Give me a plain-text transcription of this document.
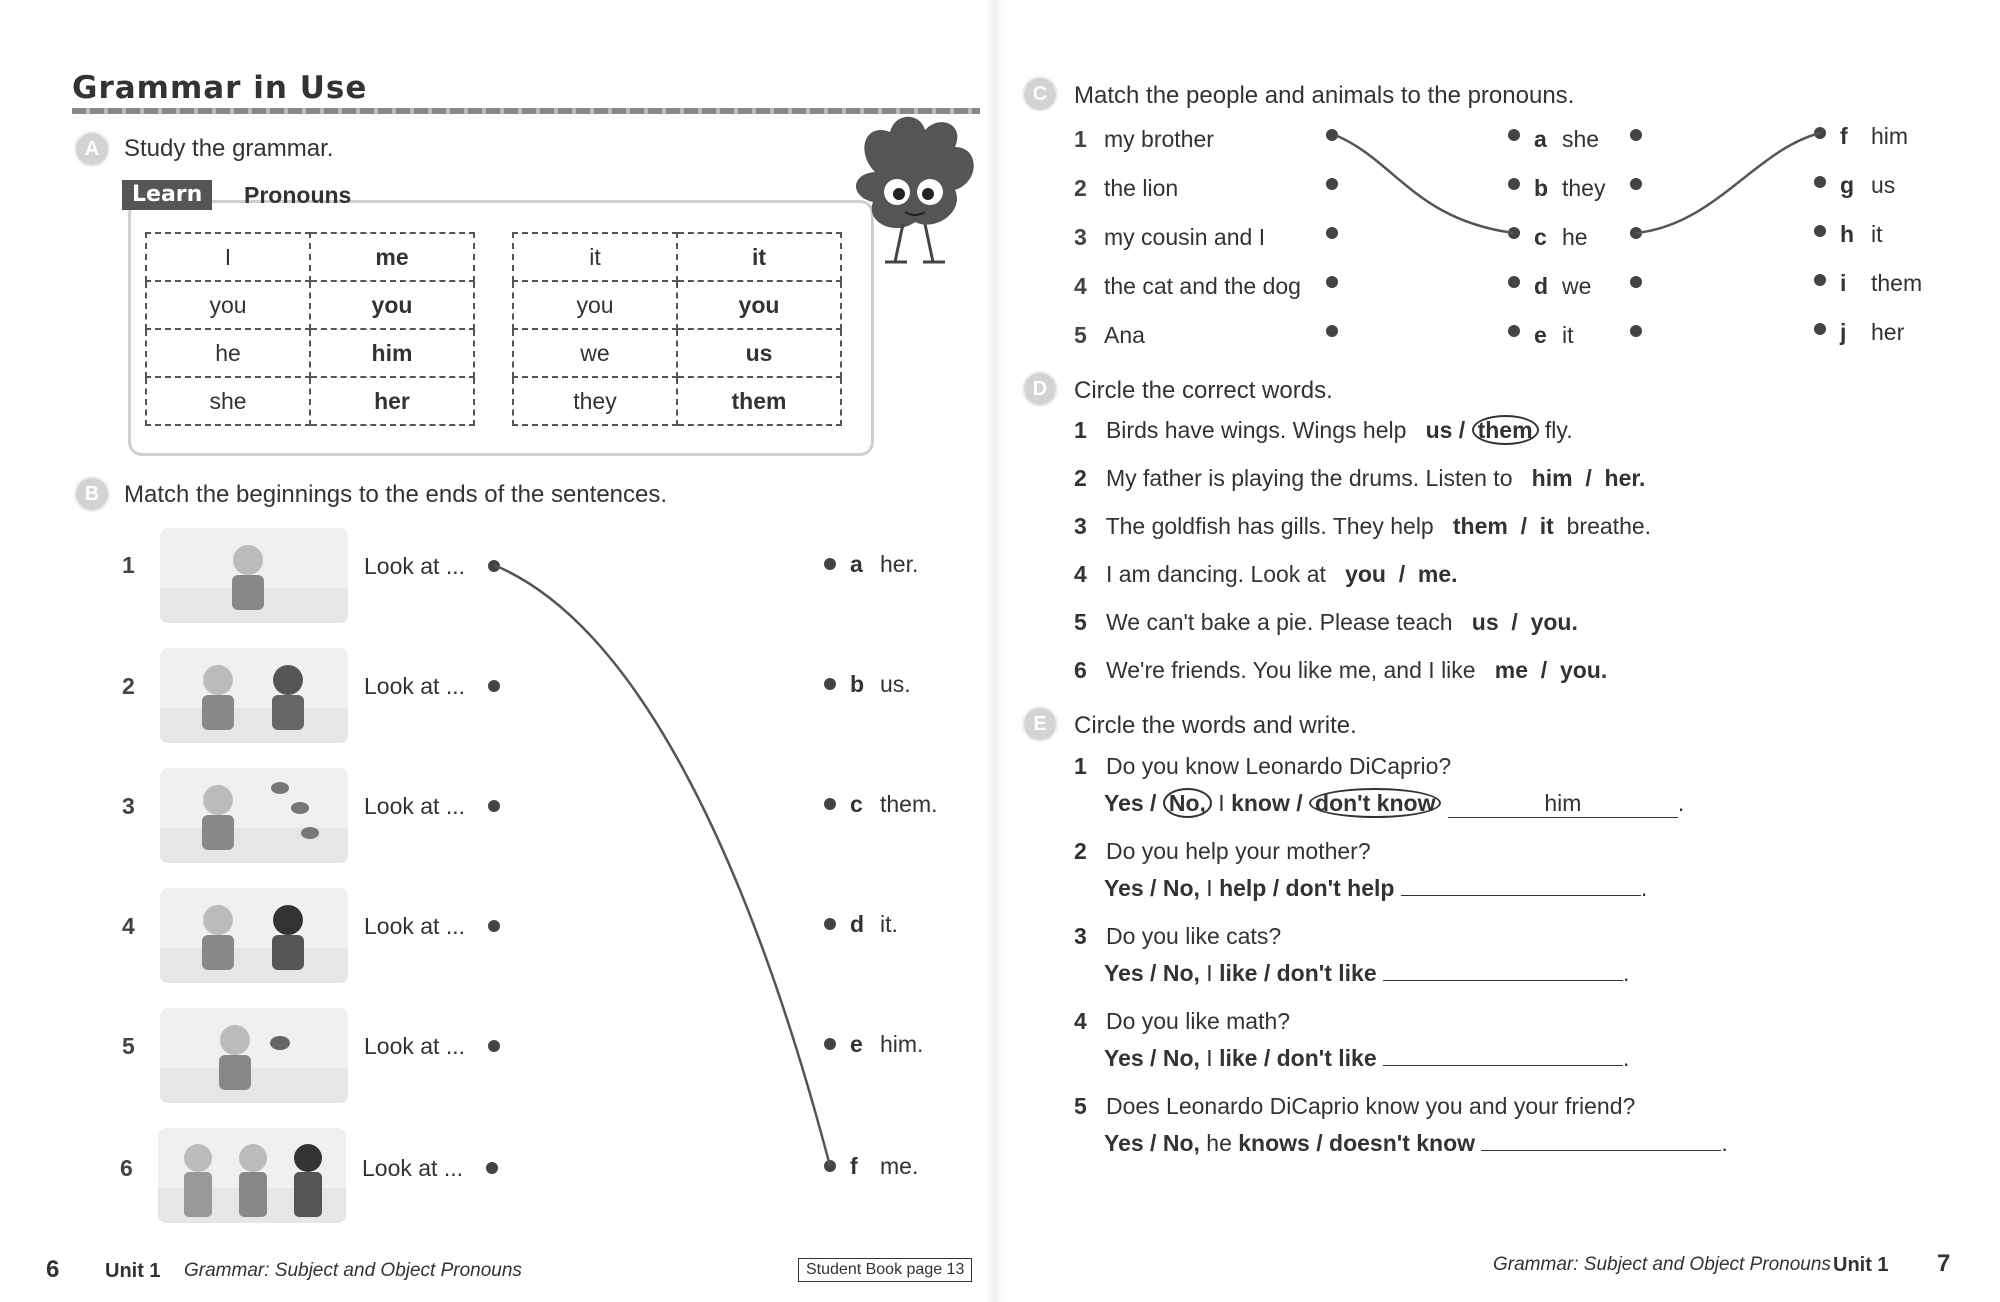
Grammar in Use
A	Study the grammar.
Learn	Pronouns
I	me
you	you
he	him
she	her
it	it
you	you
we	us
they	them
B	Match the beginnings to the ends of the sentences.
1	Look at ...
2	Look at ...
3	Look at ...
4	Look at ...
5	Look at ...
6	Look at ...
a her.
b us.
c them.
d it.
e him.
f me.
6 Unit 1 Grammar: Subject and Object Pronouns	Student Book page 13
C	Match the people and animals to the pronouns.
1 my brother
2 the lion
3 my cousin and I
4 the cat and the dog
5 Ana
a she
b they
c he
d we
e it
f him
g us
h it
i them
j her
D	Circle the correct words.
1 Birds have wings. Wings help us / them fly.
2 My father is playing the drums. Listen to him / her.
3 The goldfish has gills. They help them / it breathe.
4 I am dancing. Look at you / me.
5 We can't bake a pie. Please teach us / you.
6 We're friends. You like me, and I like me / you.
E	Circle the words and write.
1 Do you know Leonardo DiCaprio?
Yes / No, I know / don't know	him	.
2 Do you help your mother?
Yes / No, I help / don't help	.
3 Do you like cats?
Yes / No, I like / don't like	.
4 Do you like math?
Yes / No, I like / don't like	.
5 Does Leonardo DiCaprio know you and your friend?
Yes / No, he knows / doesn't know	.
Grammar: Subject and Object Pronouns Unit 1 7
